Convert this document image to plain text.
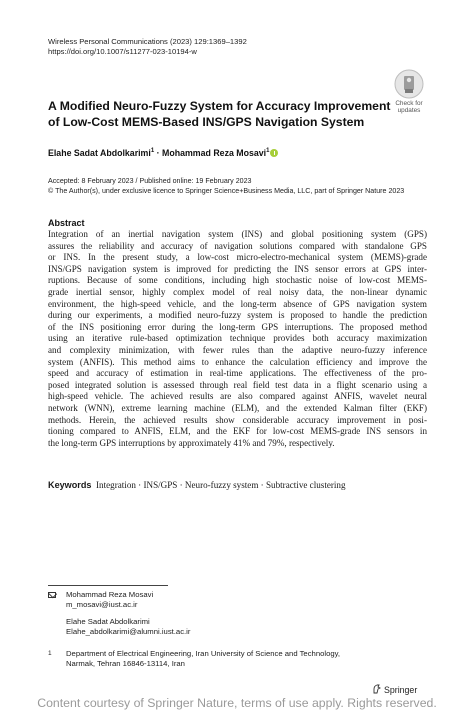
Wireless Personal Communications (2023) 129:1369–1392
https://doi.org/10.1007/s11277-023-10194-w
Check for
updates
A Modified Neuro-Fuzzy System for Accuracy Improvement
of Low-Cost MEMS-Based INS/GPS Navigation System
Elahe Sadat Abdolkarimi$^1$ · Mohammad Reza Mosavi$^1$
Accepted: 8 February 2023 / Published online: 19 February 2023
© The Author(s), under exclusive licence to Springer Science+Business Media, LLC, part of Springer Nature 2023
Abstract
Integration of an inertial navigation system (INS) and global positioning system (GPS)
assures the reliability and accuracy of navigation solutions compared with standalone GPS
or INS. In the present study, a low-cost micro-electro-mechanical system (MEMS)-grade
INS/GPS navigation system is improved for predicting the INS sensor errors at GPS inter-
ruptions. Because of some conditions, including high stochastic noise of low-cost MEMS-
grade inertial sensor, highly complex model of real noisy data, the non-linear dynamic
environment, the high-speed vehicle, and the long-term absence of GPS navigation system
during our experiments, a modified neuro-fuzzy system is proposed to handle the prediction
of the INS positioning error during the long-term GPS interruptions. The proposed method
using an iterative rule-based optimization technique provides both accuracy maximization
and complexity minimization, with fewer rules than the adaptive neuro-fuzzy inference
system (ANFIS). This method aims to enhance the calculation efficiency and improve the
speed and accuracy of estimation in real-time applications. The effectiveness of the pro-
posed integrated solution is assessed through real field test data in a flight scenario using a
high-speed vehicle. The achieved results are also compared against ANFIS, wavelet neural
network (WNN), extreme learning machine (ELM), and the extended Kalman filter (EKF)
methods. Herein, the achieved results show considerable accuracy improvement in posi-
tioning compared to ANFIS, ELM, and the EKF for low-cost MEMS-grade INS sensors in
the long-term GPS interruptions by approximately 41% and 79%, respectively.
Keywords Integration · INS/GPS · Neuro-fuzzy system · Subtractive clustering
Mohammad Reza Mosavi
m_mosavi@iust.ac.ir
Elahe Sadat Abdolkarimi
Elahe_abdolkarimi@alumni.iust.ac.ir
1 Department of Electrical Engineering, Iran University of Science and Technology,
Narmak, Tehran 16846-13114, Iran
Springer
Content courtesy of Springer Nature, terms of use apply. Rights reserved.
